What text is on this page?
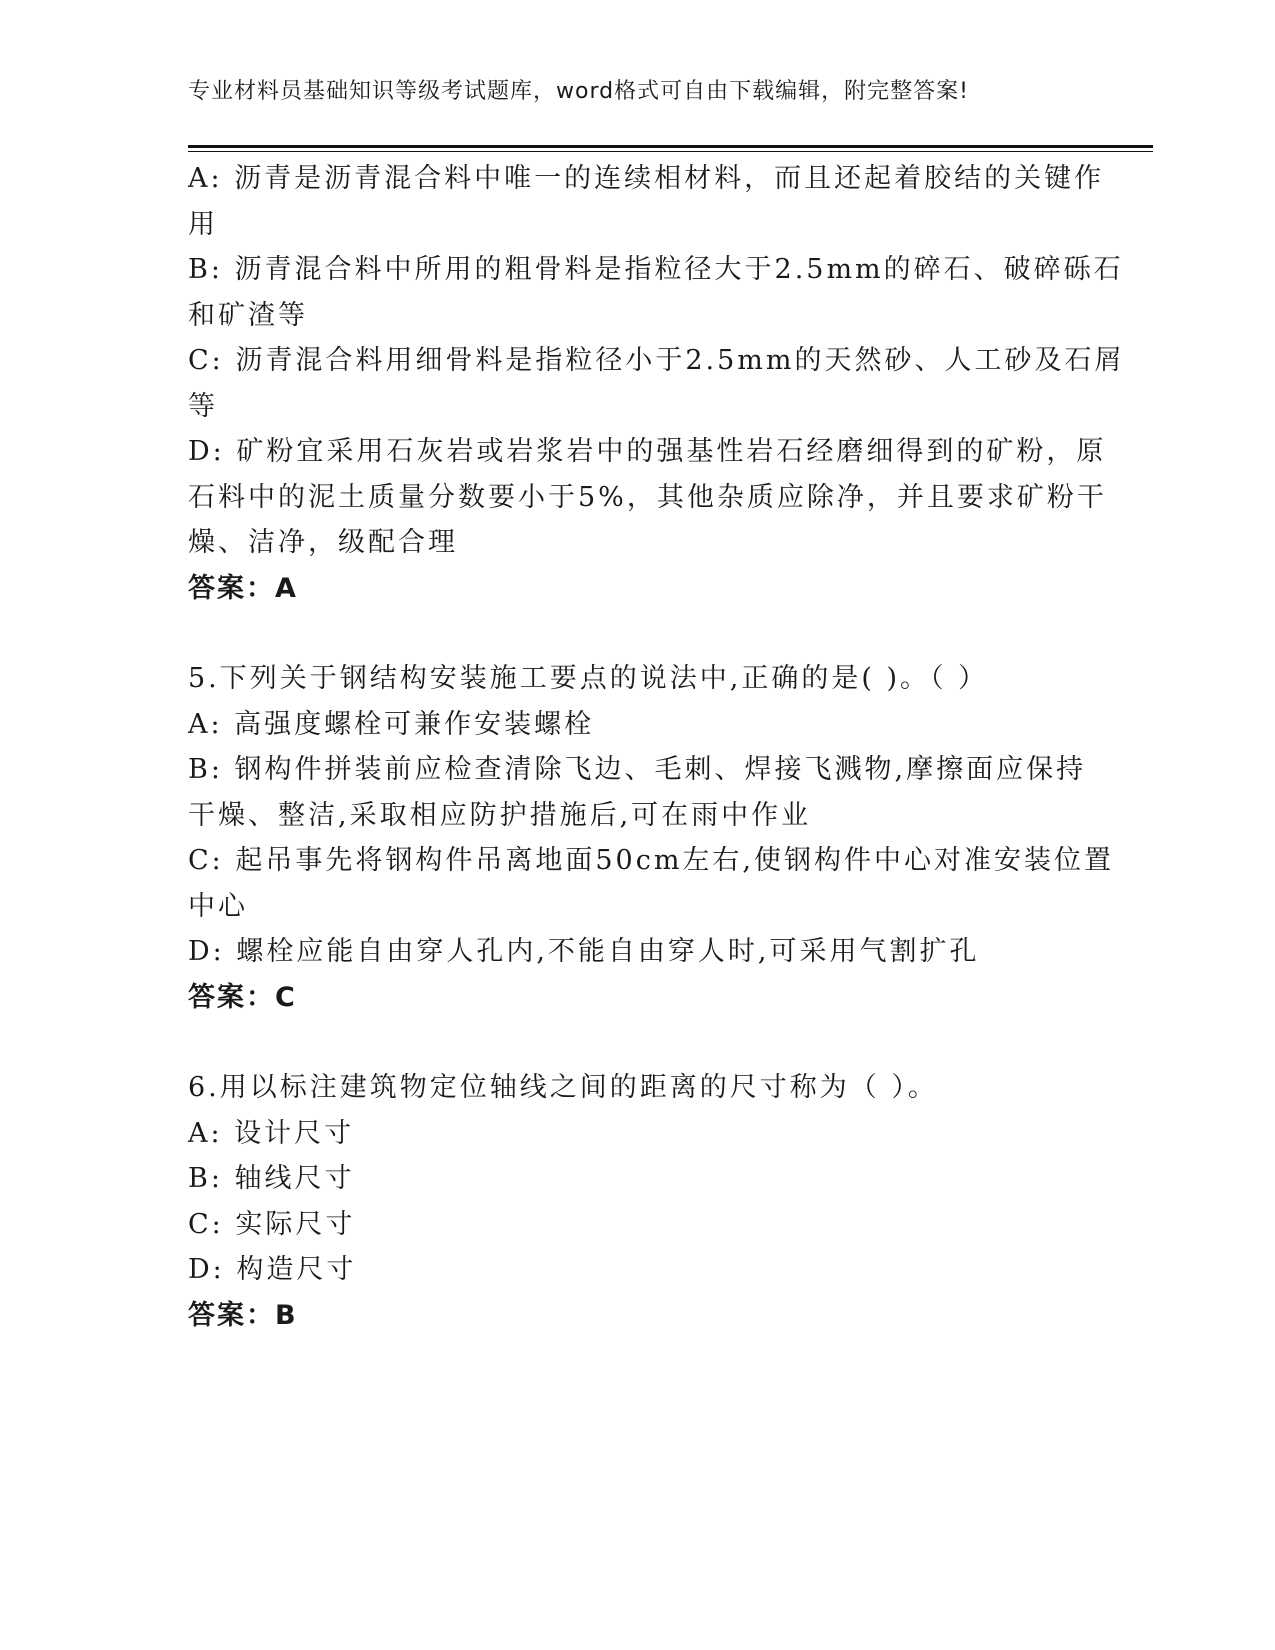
专业材料员基础知识等级考试题库，word格式可自由下载编辑，附完整答案!
A: 沥青是沥青混合料中唯一的连续相材料，而且还起着胶结的关键作
用
B: 沥青混合料中所用的粗骨料是指粒径大于2.5mm的碎石、破碎砾石
和矿渣等
C: 沥青混合料用细骨料是指粒径小于2.5mm的天然砂、人工砂及石屑
等
D: 矿粉宜采用石灰岩或岩浆岩中的强基性岩石经磨细得到的矿粉，原
石料中的泥土质量分数要小于5%，其他杂质应除净，并且要求矿粉干
燥、洁净，级配合理
答案：A
5.下列关于钢结构安装施工要点的说法中,正确的是( )。（ ）
A: 高强度螺栓可兼作安装螺栓
B: 钢构件拼装前应检查清除飞边、毛刺、焊接飞溅物,摩擦面应保持
干燥、整洁,采取相应防护措施后,可在雨中作业
C: 起吊事先将钢构件吊离地面50cm左右,使钢构件中心对准安装位置
中心
D: 螺栓应能自由穿人孔内,不能自由穿人时,可采用气割扩孔
答案：C
6.用以标注建筑物定位轴线之间的距离的尺寸称为（ ）。
A: 设计尺寸
B: 轴线尺寸
C: 实际尺寸
D: 构造尺寸
答案：B
